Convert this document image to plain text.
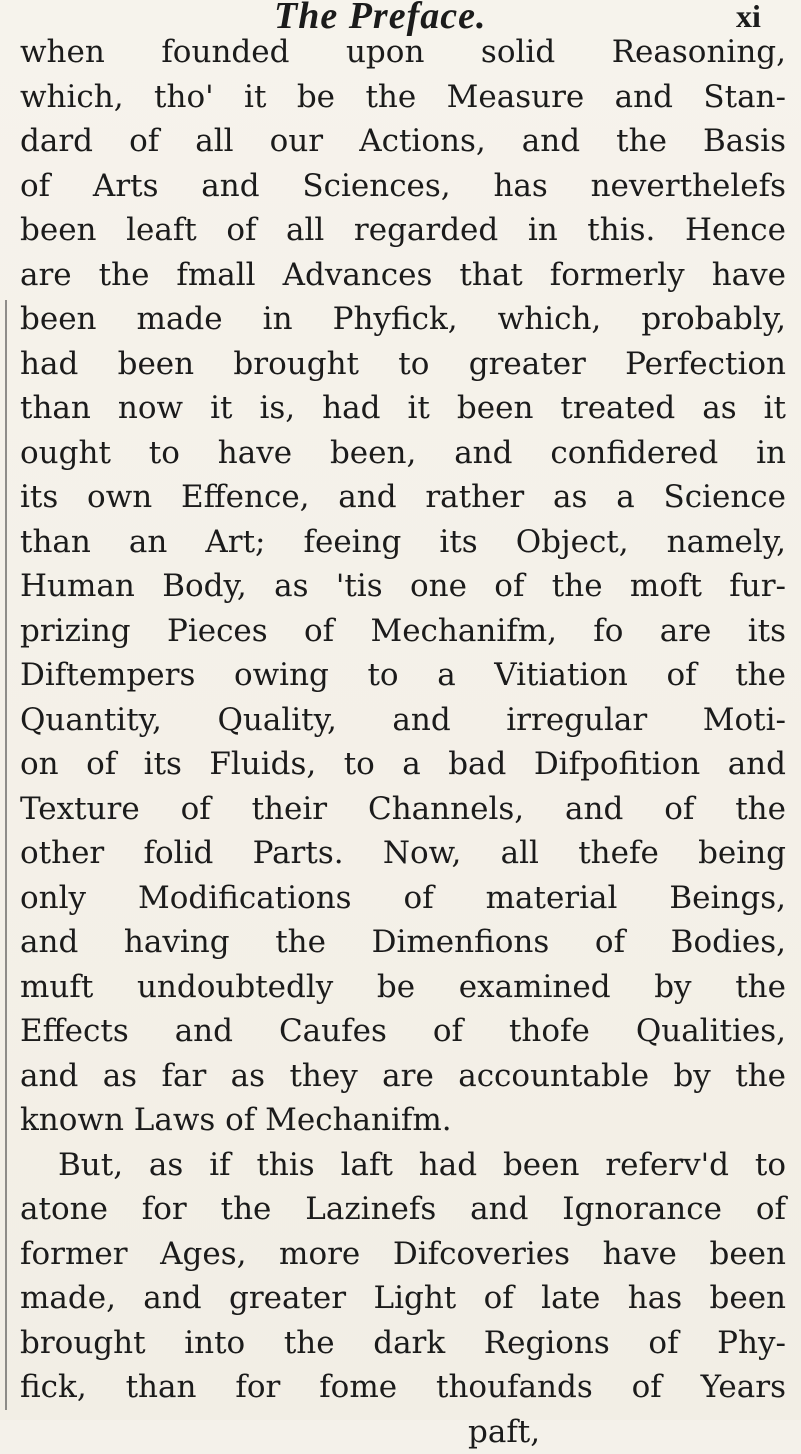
The Preface.	xi
when founded upon solid Reasoning,
which, tho' it be the Measure and Stan-
dard of all our Actions, and the Basis
of Arts and Sciences, has neverthelefs
been leaft of all regarded in this. Hence
are the fmall Advances that formerly have
been made in Phyfick, which, probably,
had been brought to greater Perfection
than now it is, had it been treated as it
ought to have been, and confidered in
its own Effence, and rather as a Science
than an Art; feeing its Object, namely,
Human Body, as 'tis one of the moft fur-
prizing Pieces of Mechanifm, fo are its
Diftempers owing to a Vitiation of the
Quantity, Quality, and irregular Moti-
on of its Fluids, to a bad Difpofition and
Texture of their Channels, and of the
other folid Parts. Now, all thefe being
only Modifications of material Beings,
and having the Dimenfions of Bodies,
muft undoubtedly be examined by the
Effects and Caufes of thofe Qualities,
and as far as they are accountable by the
known Laws of Mechanifm.
But, as if this laft had been referv'd to
atone for the Lazinefs and Ignorance of
former Ages, more Difcoveries have been
made, and greater Light of late has been
brought into the dark Regions of Phy-
fick, than for fome thoufands of Years
paft,
